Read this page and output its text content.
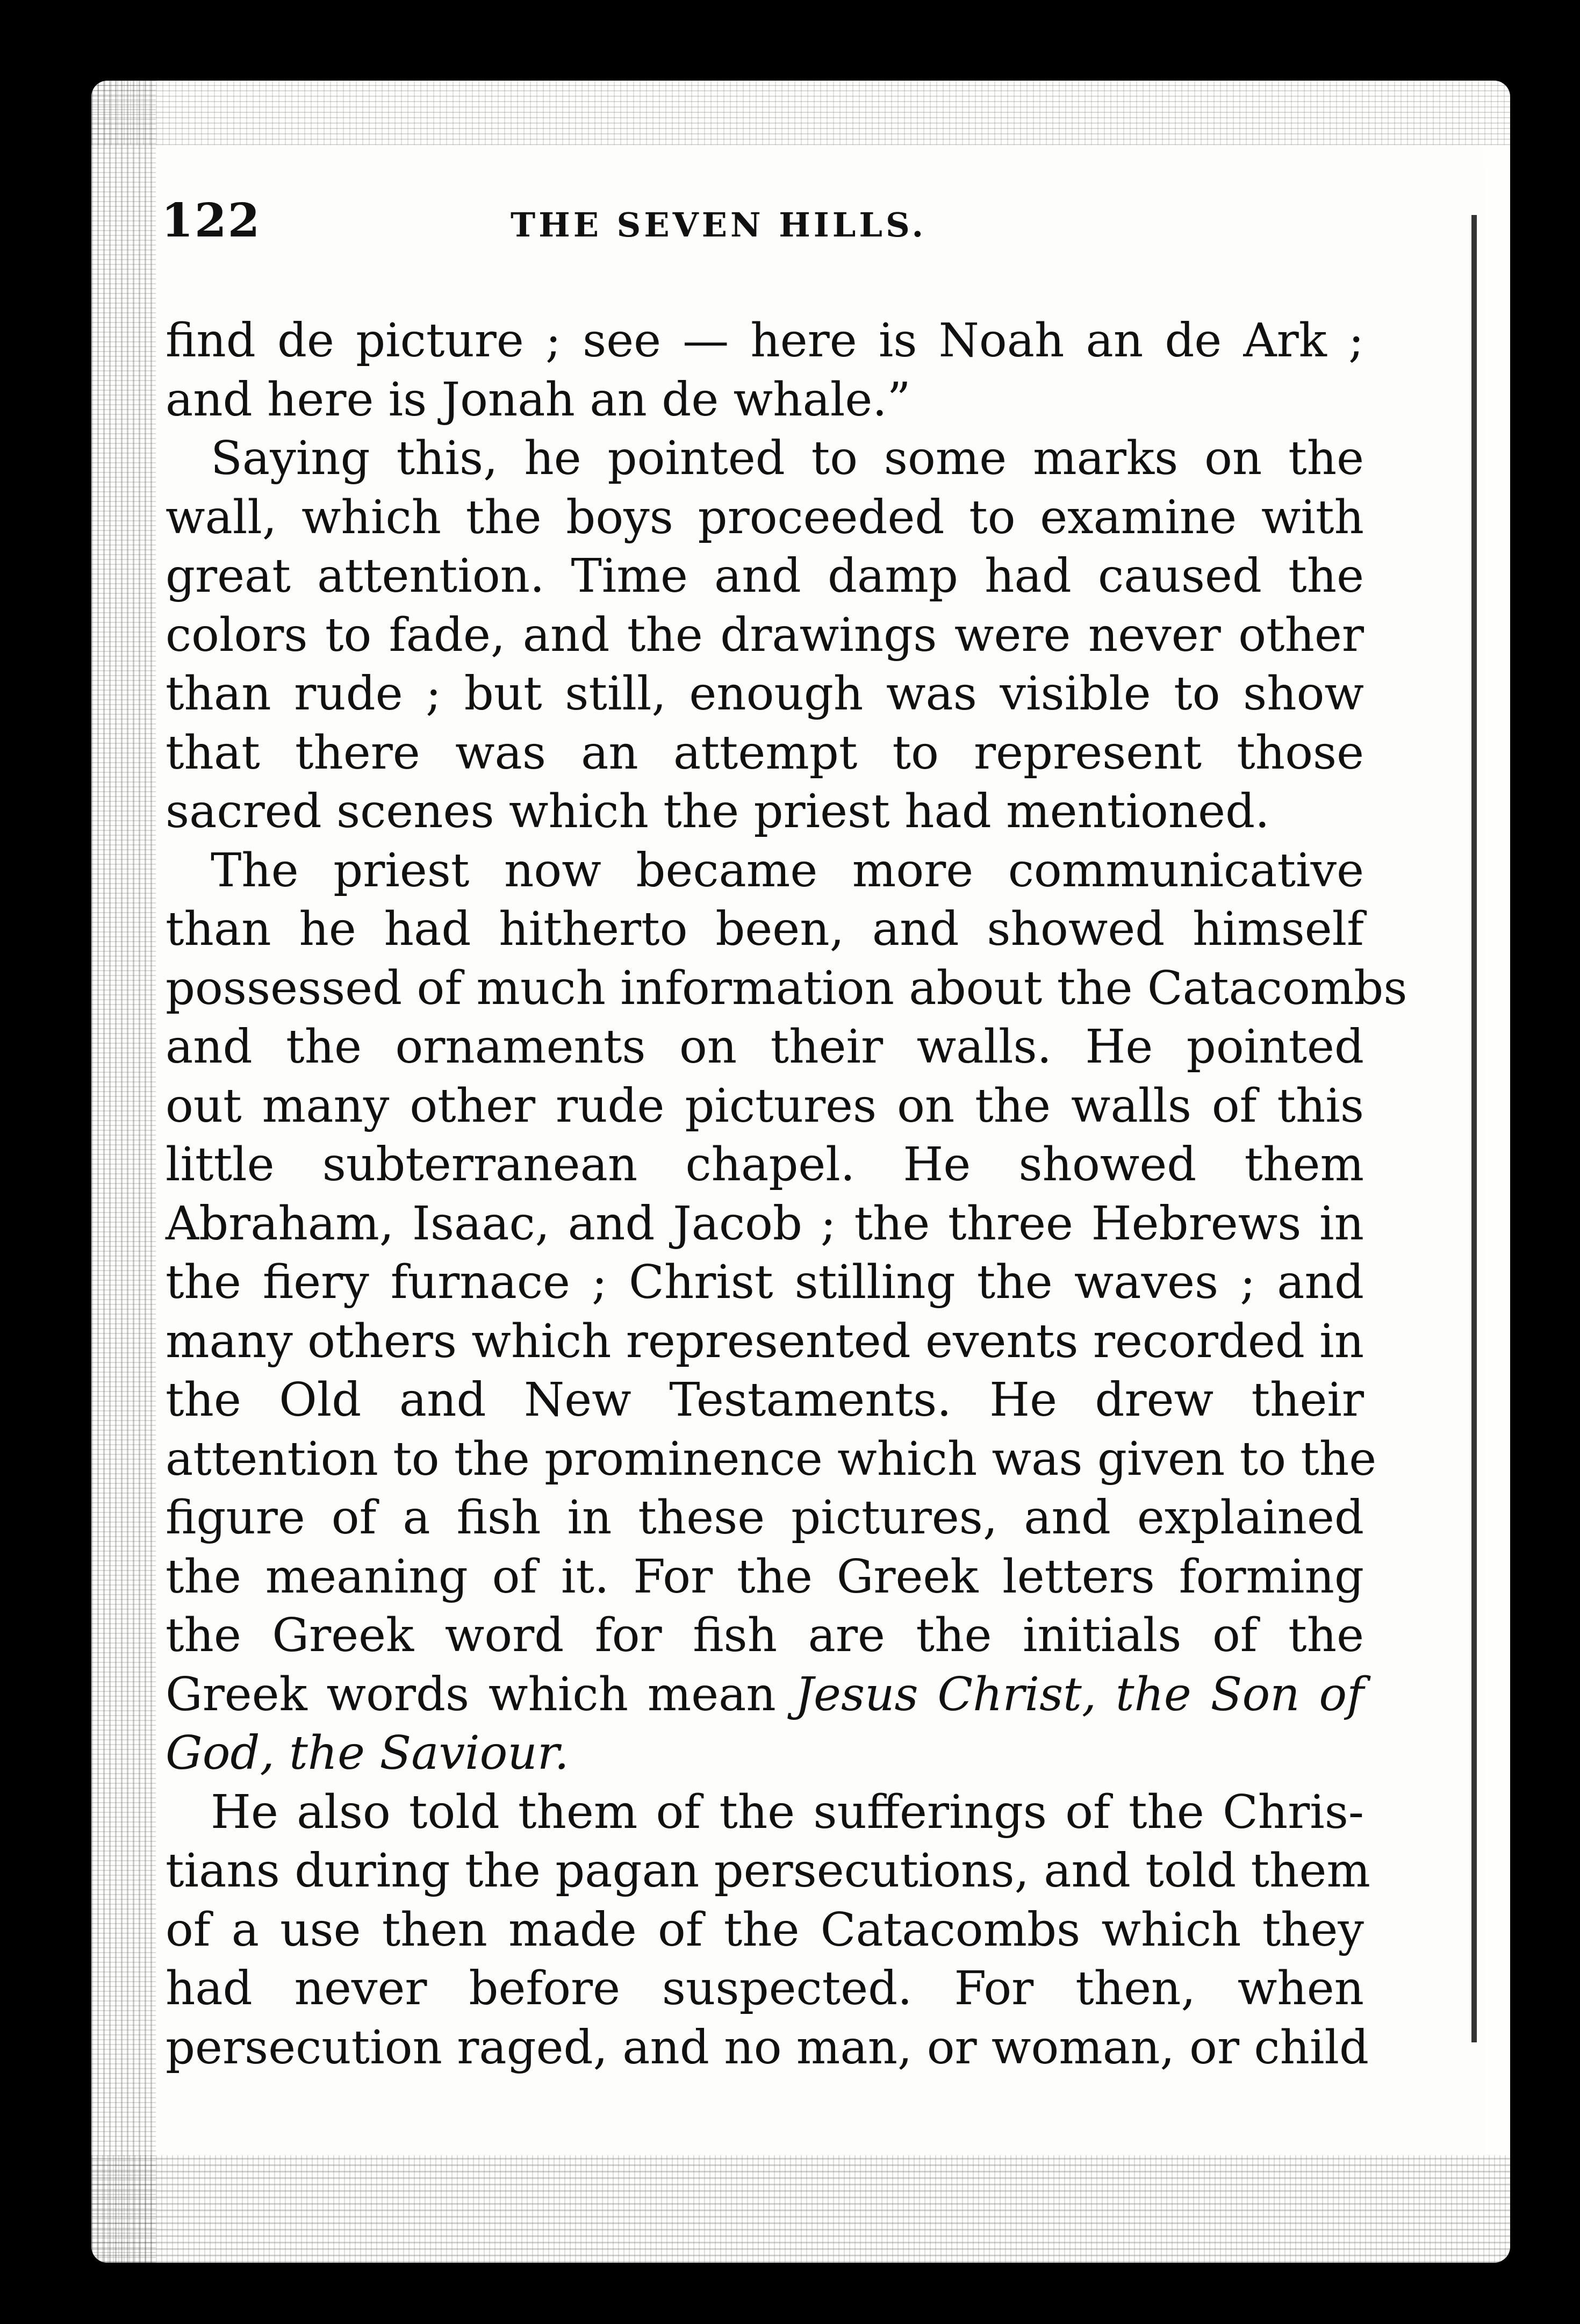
122	THE SEVEN HILLS.
find de picture ; see — here is Noah an de Ark ;
and here is Jonah an de whale.”
Saying this, he pointed to some marks on the
wall, which the boys proceeded to examine with
great attention. Time and damp had caused the
colors to fade, and the drawings were never other
than rude ; but still, enough was visible to show
that there was an attempt to represent those
sacred scenes which the priest had mentioned.
The priest now became more communicative
than he had hitherto been, and showed himself
possessed of much information about the Catacombs
and the ornaments on their walls. He pointed
out many other rude pictures on the walls of this
little subterranean chapel. He showed them
Abraham, Isaac, and Jacob ; the three Hebrews in
the fiery furnace ; Christ stilling the waves ; and
many others which represented events recorded in
the Old and New Testaments. He drew their
attention to the prominence which was given to the
figure of a fish in these pictures, and explained
the meaning of it. For the Greek letters forming
the Greek word for fish are the initials of the
Greek words which mean Jesus Christ, the Son of
God, the Saviour.
He also told them of the sufferings of the Chris-
tians during the pagan persecutions, and told them
of a use then made of the Catacombs which they
had never before suspected. For then, when
persecution raged, and no man, or woman, or child
